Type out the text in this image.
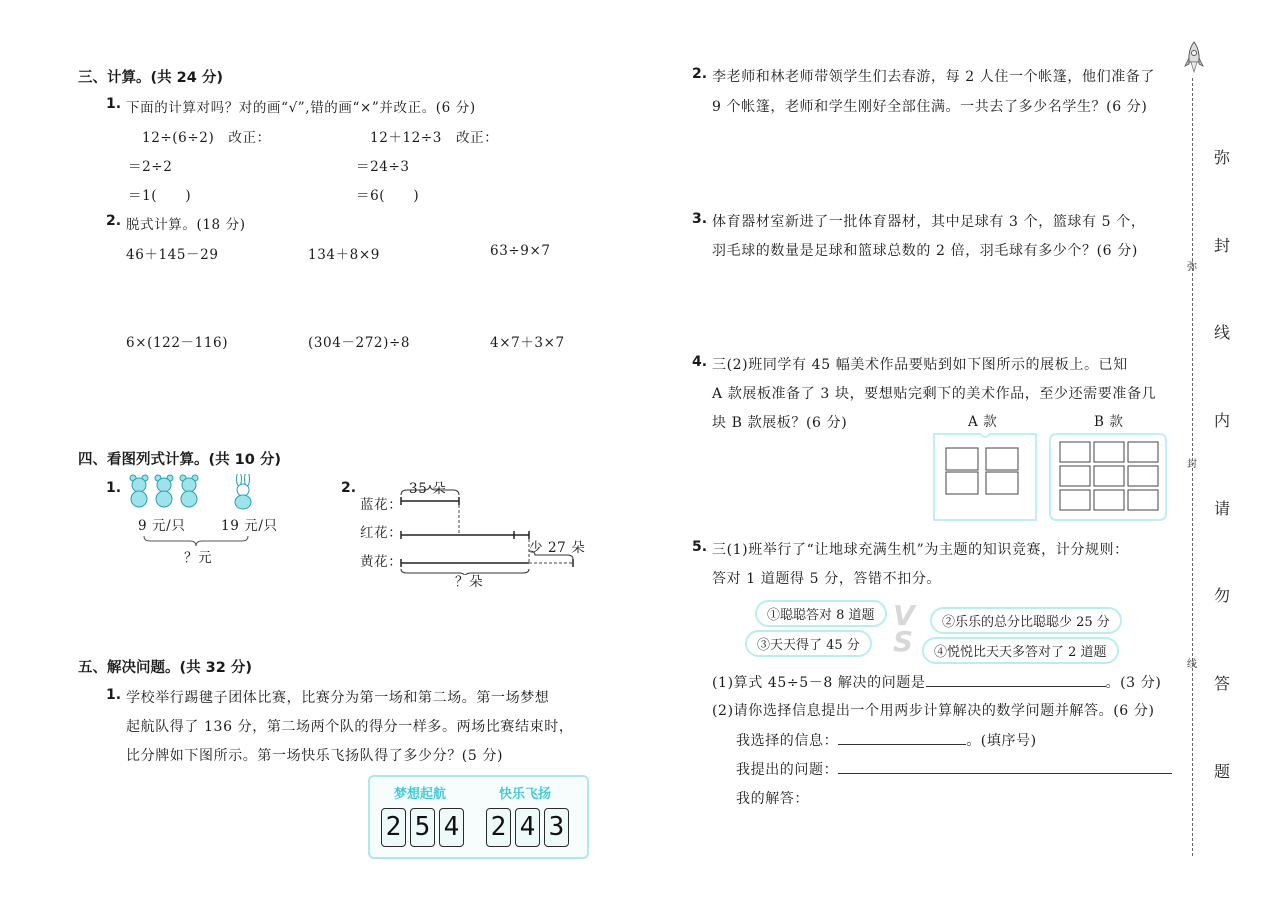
三、计算。(共 24 分)
1. 下面的计算对吗？对的画“√”,错的画“×”并改正。(6 分)
12÷(6÷2)　改正：
＝2÷2
＝1(　　)
12＋12÷3　改正：
＝24÷3
＝6(　　)
2. 脱式计算。(18 分)
46＋145－29	134＋8×9	63÷9×7
6×(122－116)	(304－272)÷8	4×7＋3×7
四、看图列式计算。(共 10 分)
1.
9 元/只	19 元/只
？元
2.
蓝花：
红花：
黄花：
35 朵
少 27 朵
？朵
五、解决问题。(共 32 分)
1. 学校举行踢毽子团体比赛，比赛分为第一场和第二场。第一场梦想
起航队得了 136 分，第二场两个队的得分一样多。两场比赛结束时，
比分牌如下图所示。第一场快乐飞扬队得了多少分？(5 分)
梦想起航	快乐飞扬
2 5 4 2 4 3
2. 李老师和林老师带领学生们去春游，每 2 人住一个帐篷，他们准备了
9 个帐篷，老师和学生刚好全部住满。一共去了多少名学生？(6 分)
3. 体育器材室新进了一批体育器材，其中足球有 3 个，篮球有 5 个，
羽毛球的数量是足球和篮球总数的 2 倍，羽毛球有多少个？(6 分)
4. 三(2)班同学有 45 幅美术作品要贴到如下图所示的展板上。已知
A 款展板准备了 3 块，要想贴完剩下的美术作品，至少还需要准备几
块 B 款展板？(6 分)	A 款	B 款
5. 三(1)班举行了“让地球充满生机”为主题的知识竞赛，计分规则：
答对 1 道题得 5 分，答错不扣分。
①聪聪答对 8 道题	②乐乐的总分比聪聪少 25 分
③天天得了 45 分	④悦悦比天天多答对了 2 道题
VS
(1)算式 45÷5－8 解决的问题是	。(3 分)
(2)请你选择信息提出一个用两步计算解决的数学问题并解答。(6 分)
我选择的信息：	。(填序号)
我提出的问题：
我的解答：
弥
封
线
弥
封
线
内
请
勿
答
题
